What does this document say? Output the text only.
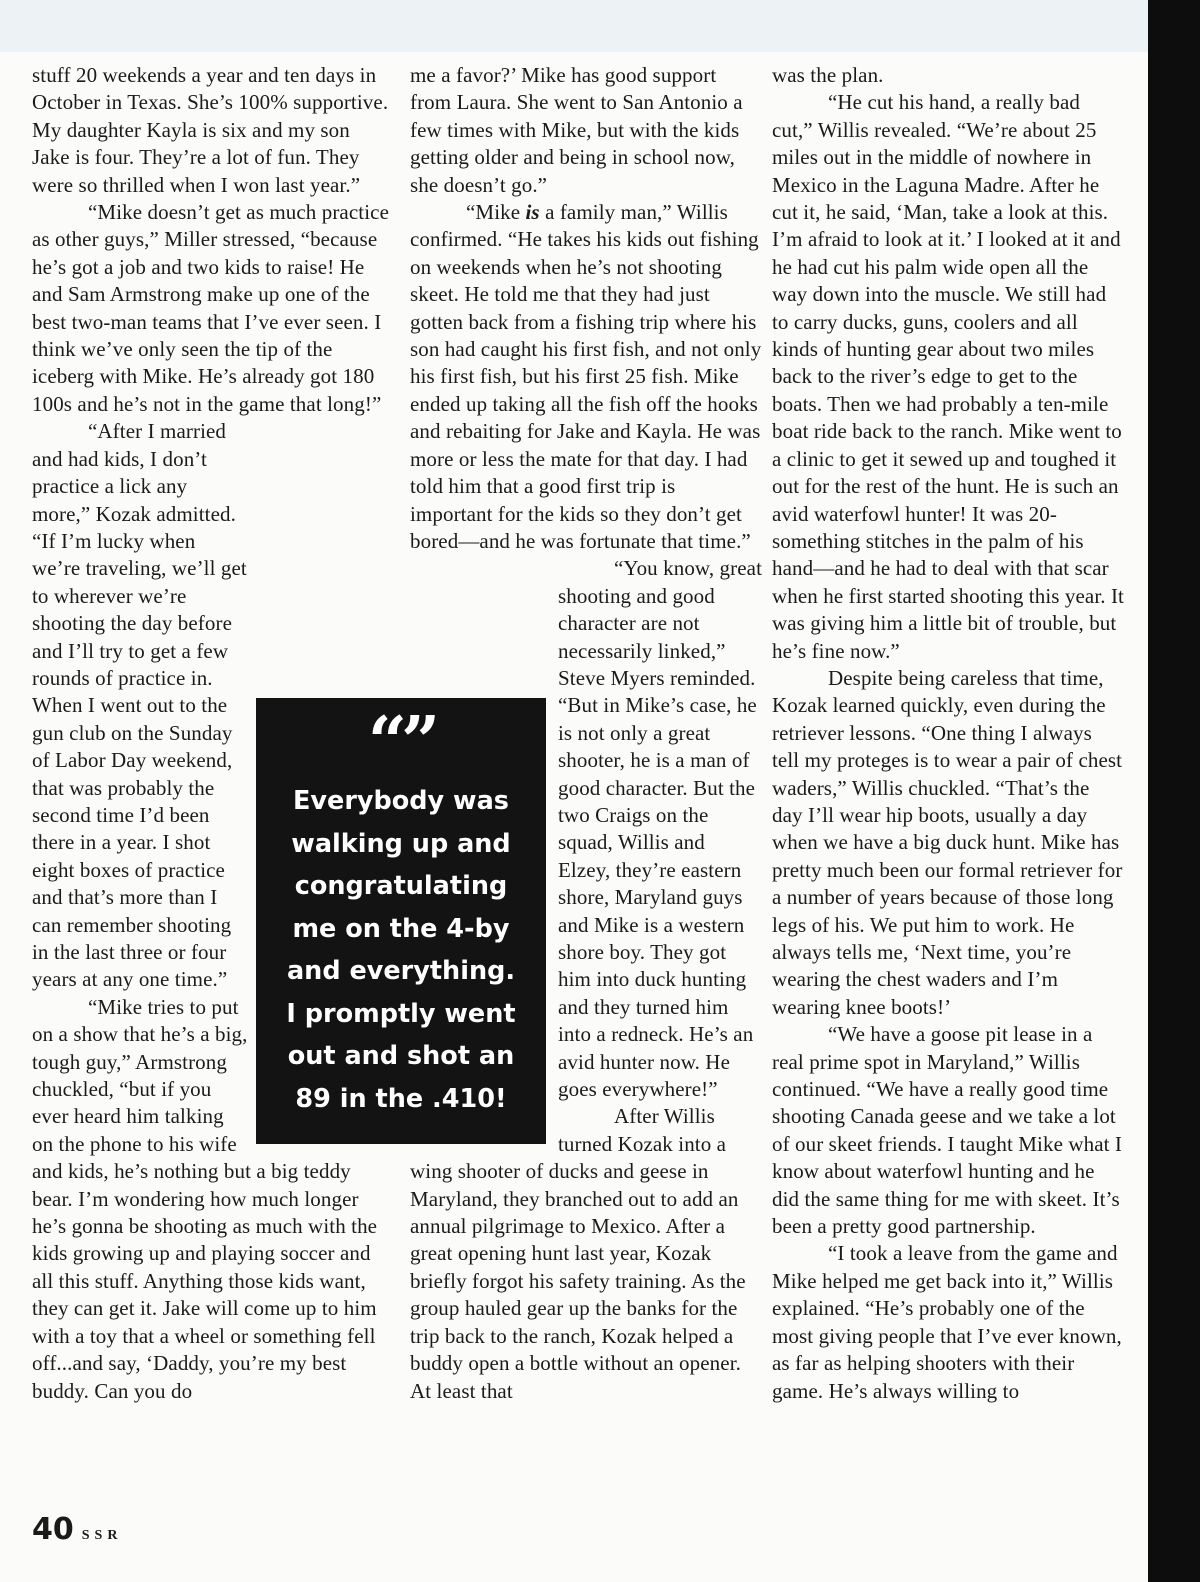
stuff 20 weekends a year and ten days in October in Texas. She’s 100% supportive. My daughter Kayla is six and my son Jake is four. They’re a lot of fun. They were so thrilled when I won last year.”

“Mike doesn’t get as much practice as other guys,” Miller stressed, “because he’s got a job and two kids to raise! He and Sam Armstrong make up one of the best two-man teams that I’ve ever seen. I think we’ve only seen the tip of the iceberg with Mike. He’s already got 180 100s and he’s not in the game that long!”

“After I married and had kids, I don’t practice a lick any more,” Kozak admitted. “If I’m lucky when we’re traveling, we’ll get to wherever we’re shooting the day before and I’ll try to get a few rounds of practice in. When I went out to the gun club on the Sunday of Labor Day weekend, that was probably the second time I’d been there in a year. I shot eight boxes of practice and that’s more than I can remember shooting in the last three or four years at any one time.”

“Mike tries to put on a show that he’s a big, tough guy,” Armstrong chuckled, “but if you ever heard him talking on the phone to his wife and kids, he’s nothing but a big teddy bear. I’m wondering how much longer he’s gonna be shooting as much with the kids growing up and playing soccer and all this stuff. Anything those kids want, they can get it. Jake will come up to him with a toy that a wheel or something fell off...and say, ‘Daddy, you’re my best buddy. Can you do

me a favor?’ Mike has good support from Laura. She went to San Antonio a few times with Mike, but with the kids getting older and being in school now, she doesn’t go.”

“Mike is a family man,” Willis confirmed. “He takes his kids out fishing on weekends when he’s not shooting skeet. He told me that they had just gotten back from a fishing trip where his son had caught his first fish, and not only his first fish, but his first 25 fish. Mike ended up taking all the fish off the hooks and rebaiting for Jake and Kayla. He was more or less the mate for that day. I had told him that a good first trip is important for the kids so they don’t get bored—and he was fortunate that time.”

“You know, great shooting and good character are not necessarily linked,” Steve Myers reminded. “But in Mike’s case, he is not only a great shooter, he is a man of good character. But the two Craigs on the squad, Willis and Elzey, they’re eastern shore, Maryland guys and Mike is a western shore boy. They got him into duck hunting and they turned him into a redneck. He’s an avid hunter now. He goes everywhere!”

After Willis turned Kozak into a wing shooter of ducks and geese in Maryland, they branched out to add an annual pilgrimage to Mexico. After a great opening hunt last year, Kozak briefly forgot his safety training. As the group hauled gear up the banks for the trip back to the ranch, Kozak helped a buddy open a bottle without an opener. At least that

was the plan.

“He cut his hand, a really bad cut,” Willis revealed. “We’re about 25 miles out in the middle of nowhere in Mexico in the Laguna Madre. After he cut it, he said, ‘Man, take a look at this. I’m afraid to look at it.’ I looked at it and he had cut his palm wide open all the way down into the muscle. We still had to carry ducks, guns, coolers and all kinds of hunting gear about two miles back to the river’s edge to get to the boats. Then we had probably a ten-mile boat ride back to the ranch. Mike went to a clinic to get it sewed up and toughed it out for the rest of the hunt. He is such an avid waterfowl hunter! It was 20-something stitches in the palm of his hand—and he had to deal with that scar when he first started shooting this year. It was giving him a little bit of trouble, but he’s fine now.”

Despite being careless that time, Kozak learned quickly, even during the retriever lessons. “One thing I always tell my proteges is to wear a pair of chest waders,” Willis chuckled. “That’s the day I’ll wear hip boots, usually a day when we have a big duck hunt. Mike has pretty much been our formal retriever for a number of years because of those long legs of his. We put him to work. He always tells me, ‘Next time, you’re wearing the chest waders and I’m wearing knee boots!’

“We have a goose pit lease in a real prime spot in Maryland,” Willis continued. “We have a really good time shooting Canada geese and we take a lot of our skeet friends. I taught Mike what I know about waterfowl hunting and he did the same thing for me with skeet. It’s been a pretty good partnership.

“I took a leave from the game and Mike helped me get back into it,” Willis explained. “He’s probably one of the most giving people that I’ve ever known, as far as helping shooters with their game. He’s always willing to

“”
Everybody was
walking up and
congratulating
me on the 4-by
and everything.
I promptly went
out and shot an
89 in the .410!
40 SSR
